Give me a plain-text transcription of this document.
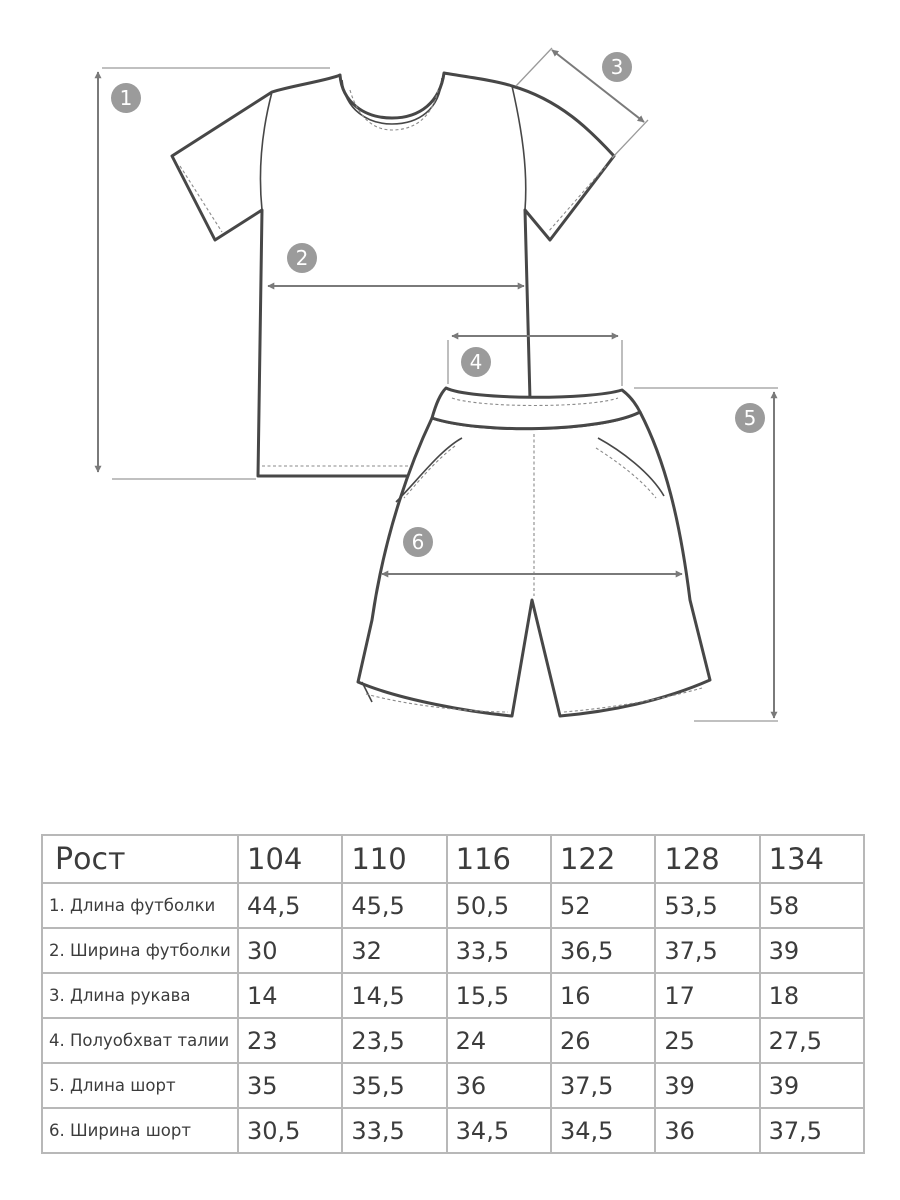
1
2
3
4
5
6
Рост	104	110	116	122	128	134
1. Длина футболки	44,5	45,5	50,5	52	53,5	58
2. Ширина футболки	30	32	33,5	36,5	37,5	39
3. Длина рукава	14	14,5	15,5	16	17	18
4. Полуобхват талии	23	23,5	24	26	25	27,5
5. Длина шорт	35	35,5	36	37,5	39	39
6. Ширина шорт	30,5	33,5	34,5	34,5	36	37,5
